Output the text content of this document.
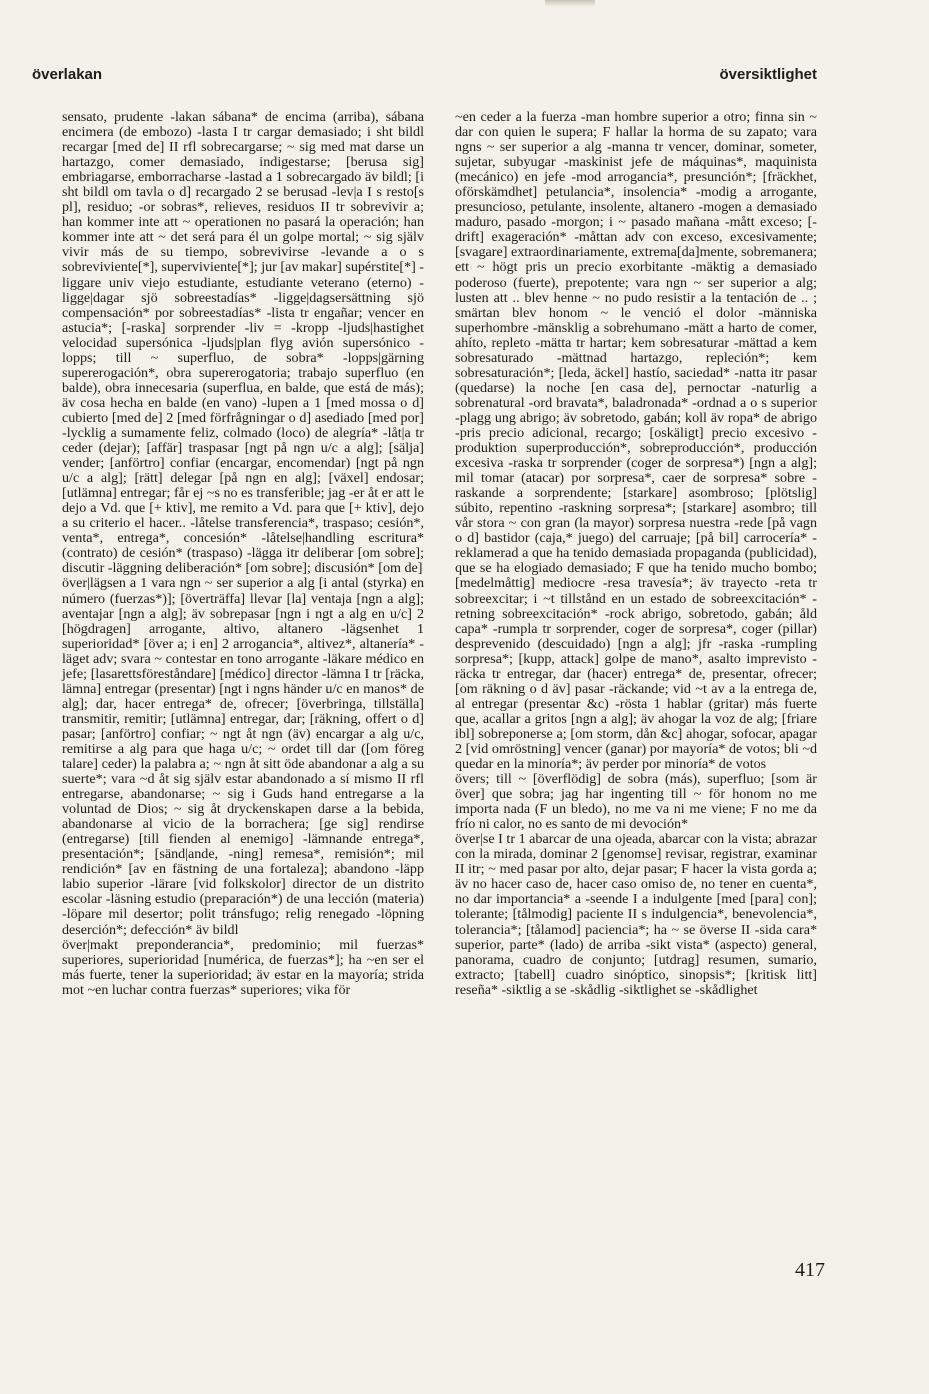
överlakan	översiktlighet

sensato, prudente -lakan sábana* de encima (arriba), sábana encimera (de embozo) -lasta I tr cargar demasiado; i sht bildl recargar [med de] II rfl sobrecargarse; ~ sig med mat darse un hartazgo, comer demasiado, indigestarse; [berusa sig] embriagarse, emborracharse -lastad a 1 sobrecargado äv bildl; [i sht bildl om tavla o d] recargado 2 se berusad -lev|a I s resto[s pl], residuo; -or sobras*, relieves, residuos II tr sobrevivir a; han kommer inte att ~ operationen no pasará la operación; han kommer inte att ~ det será para él un golpe mortal; ~ sig själv vivir más de su tiempo, sobrevivirse -levande a o s sobreviviente[*], superviviente[*]; jur [av makar] supérstite[*] -liggare univ viejo estudiante, estudiante veterano (eterno) -ligge|dagar sjö sobreestadías* -ligge|dagsersättning sjö compensación* por sobreestadías* -lista tr engañar; vencer en astucia*; [-raska] sorprender -liv = -kropp -ljuds|hastighet velocidad supersónica -ljuds|plan flyg avión supersónico -lopps; till ~ superfluo, de sobra* -lopps|gärning supererogación*, obra supererogatoria; trabajo superfluo (en balde), obra innecesaria (superflua, en balde, que está de más); äv cosa hecha en balde (en vano) -lupen a 1 [med mossa o d] cubierto [med de] 2 [med förfrågningar o d] asediado [med por] -lycklig a sumamente feliz, colmado (loco) de alegría* -låt|a tr ceder (dejar); [affär] traspasar [ngt på ngn u/c a alg]; [sälja] vender; [anförtro] confiar (encargar, encomendar) [ngt på ngn u/c a alg]; [rätt] delegar [på ngn en alg]; [växel] endosar; [utlämna] entregar; får ej ~s no es transferible; jag -er åt er att le dejo a Vd. que [+ ktiv], me remito a Vd. para que [+ ktiv], dejo a su criterio el hacer.. -låtelse transferencia*, traspaso; cesión*, venta*, entrega*, concesión* -låtelse|handling escritura* (contrato) de cesión* (traspaso) -lägga itr deliberar [om sobre]; discutir -läggning deliberación* [om sobre]; discusión* [om de]

över|lägsen a 1 vara ngn ~ ser superior a alg [i antal (styrka) en número (fuerzas*)]; [överträffa] llevar [la] ventaja [ngn a alg]; aventajar [ngn a alg]; äv sobrepasar [ngn i ngt a alg en u/c] 2 [högdragen] arrogante, altivo, altanero -lägsenhet 1 superioridad* [över a; i en] 2 arrogancia*, altivez*, altanería* -läget adv; svara ~ contestar en tono arrogante -läkare médico en jefe; [lasarettsföreståndare] [médico] director -lämna I tr [räcka, lämna] entregar (presentar) [ngt i ngns händer u/c en manos* de alg]; dar, hacer entrega* de, ofrecer; [överbringa, tillställa] transmitir, remitir; [utlämna] entregar, dar; [räkning, offert o d] pasar; [anförtro] confiar; ~ ngt åt ngn (äv) encargar a alg u/c, remitirse a alg para que haga u/c; ~ ordet till dar ([om föreg talare] ceder) la palabra a; ~ ngn åt sitt öde abandonar a alg a su suerte*; vara ~d åt sig själv estar abandonado a sí mismo II rfl entregarse, abandonarse; ~ sig i Guds hand entregarse a la voluntad de Dios; ~ sig åt dryckenskapen darse a la bebida, abandonarse al vicio de la borrachera; [ge sig] rendirse (entregarse) [till fienden al enemigo] -lämnande entrega*, presentación*; [sänd|ande, -ning] remesa*, remisión*; mil rendición* [av en fästning de una fortaleza]; abandono -läpp labio superior -lärare [vid folkskolor] director de un distrito escolar -läsning estudio (preparación*) de una lección (materia) -löpare mil desertor; polit tránsfugo; relig renegado -löpning deserción*; defección* äv bildl

över|makt preponderancia*, predominio; mil fuerzas* superiores, superioridad [numérica, de fuerzas*]; ha ~en ser el más fuerte, tener la superioridad; äv estar en la mayoría; strida mot ~en luchar contra fuerzas* superiores; vika för

~en ceder a la fuerza -man hombre superior a otro; finna sin ~ dar con quien le supera; F hallar la horma de su zapato; vara ngns ~ ser superior a alg -manna tr vencer, dominar, someter, sujetar, subyugar -maskinist jefe de máquinas*, maquinista (mecánico) en jefe -mod arrogancia*, presunción*; [fräckhet, oförskämdhet] petulancia*, insolencia* -modig a arrogante, presuncioso, petulante, insolente, altanero -mogen a demasiado maduro, pasado -morgon; i ~ pasado mañana -mått exceso; [-drift] exageración* -måttan adv con exceso, excesivamente; [svagare] extraordinariamente, extrema[da]mente, sobremanera; ett ~ högt pris un precio exorbitante -mäktig a demasiado poderoso (fuerte), prepotente; vara ngn ~ ser superior a alg; lusten att .. blev henne ~ no pudo resistir a la tentación de .. ; smärtan blev honom ~ le venció el dolor -människa superhombre -mänsklig a sobrehumano -mätt a harto de comer, ahíto, repleto -mätta tr hartar; kem sobresaturar -mättad a kem sobresaturado -mättnad hartazgo, repleción*; kem sobresaturación*; [leda, äckel] hastío, saciedad* -natta itr pasar (quedarse) la noche [en casa de], pernoctar -naturlig a sobrenatural -ord bravata*, baladronada* -ordnad a o s superior -plagg ung abrigo; äv sobretodo, gabán; koll äv ropa* de abrigo -pris precio adicional, recargo; [oskäligt] precio excesivo -produktion superproducción*, sobreproducción*, producción excesiva -raska tr sorprender (coger de sorpresa*) [ngn a alg]; mil tomar (atacar) por sorpresa*, caer de sorpresa* sobre -raskande a sorprendente; [starkare] asombroso; [plötslig] súbito, repentino -raskning sorpresa*; [starkare] asombro; till vår stora ~ con gran (la mayor) sorpresa nuestra -rede [på vagn o d] bastidor (caja,* juego) del carruaje; [på bil] carrocería* -reklamerad a que ha tenido demasiada propaganda (publicidad), que se ha elogiado demasiado; F que ha tenido mucho bombo; [medelmåttig] mediocre -resa travesía*; äv trayecto -reta tr sobreexcitar; i ~t tillstånd en un estado de sobreexcitación* -retning sobreexcitación* -rock abrigo, sobretodo, gabán; åld capa* -rumpla tr sorprender, coger de sorpresa*, coger (pillar) desprevenido (descuidado) [ngn a alg]; jfr -raska -rumpling sorpresa*; [kupp, attack] golpe de mano*, asalto imprevisto -räcka tr entregar, dar (hacer) entrega* de, presentar, ofrecer; [om räkning o d äv] pasar -räckande; vid ~t av a la entrega de, al entregar (presentar &c) -rösta 1 hablar (gritar) más fuerte que, acallar a gritos [ngn a alg]; äv ahogar la voz de alg; [friare ibl] sobreponerse a; [om storm, dån &c] ahogar, sofocar, apagar 2 [vid omröstning] vencer (ganar) por mayoría* de votos; bli ~d quedar en la minoría*; äv perder por minoría* de votos

övers; till ~ [överflödig] de sobra (más), superfluo; [som är över] que sobra; jag har ingenting till ~ för honom no me importa nada (F un bledo), no me va ni me viene; F no me da frío ni calor, no es santo de mi devoción*

över|se I tr 1 abarcar de una ojeada, abarcar con la vista; abrazar con la mirada, dominar 2 [genomse] revisar, registrar, examinar II itr; ~ med pasar por alto, dejar pasar; F hacer la vista gorda a; äv no hacer caso de, hacer caso omiso de, no tener en cuenta*, no dar importancia* a -seende I a indulgente [med [para] con]; tolerante; [tålmodig] paciente II s indulgencia*, benevolencia*, tolerancia*; [tålamod] paciencia*; ha ~ se överse II -sida cara* superior, parte* (lado) de arriba -sikt vista* (aspecto) general, panorama, cuadro de conjunto; [utdrag] resumen, sumario, extracto; [tabell] cuadro sinóptico, sinopsis*; [kritisk litt] reseña* -siktlig a se -skådlig -siktlighet se -skådlighet

417
